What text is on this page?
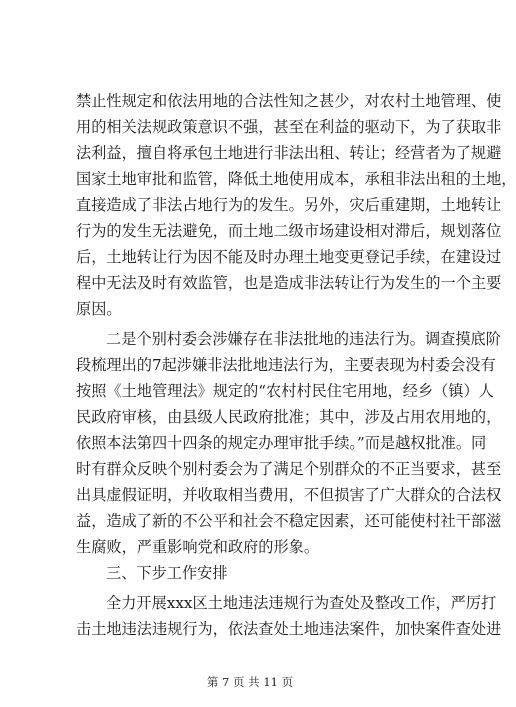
禁止性规定和依法用地的合法性知之甚少，对农村土地管理、使
用的相关法规政策意识不强，甚至在利益的驱动下，为了获取非
法利益，擅自将承包土地进行非法出租、转让；经营者为了规避
国家土地审批和监管，降低土地使用成本，承租非法出租的土地，
直接造成了非法占地行为的发生。另外，灾后重建期，土地转让
行为的发生无法避免，而土地二级市场建设相对滞后，规划落位
后，土地转让行为因不能及时办理土地变更登记手续，在建设过
程中无法及时有效监管，也是造成非法转让行为发生的一个主要
原因。
二是个别村委会涉嫌存在非法批地的违法行为。调查摸底阶
段梳理出的7起涉嫌非法批地违法行为，主要表现为村委会没有
按照《土地管理法》规定的“农村村民住宅用地，经乡（镇）人
民政府审核，由县级人民政府批准；其中，涉及占用农用地的，
依照本法第四十四条的规定办理审批手续。”而是越权批准。同
时有群众反映个别村委会为了满足个别群众的不正当要求，甚至
出具虚假证明，并收取相当费用，不但损害了广大群众的合法权
益，造成了新的不公平和社会不稳定因素，还可能使村社干部滋
生腐败，严重影响党和政府的形象。
三、下步工作安排
全力开展xxx区土地违法违规行为查处及整改工作，严厉打
击土地违法违规行为，依法查处土地违法案件，加快案件查处进
第 7 页 共 11 页
